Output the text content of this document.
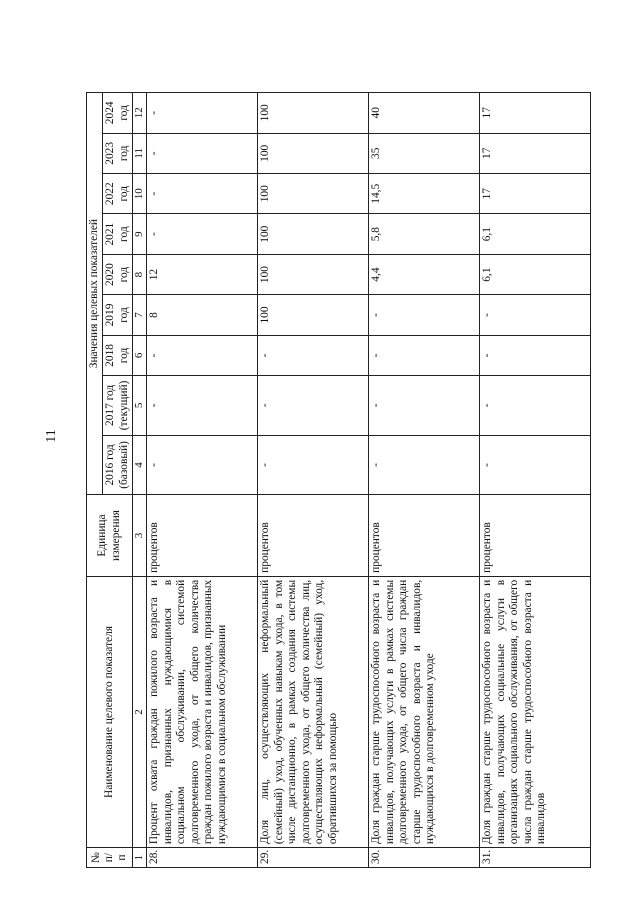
11
№ п/п	Наименование целевого показателя	Единица измерения	Значения целевых показателей								
			2016 год (базовый)	2017 год (текущий)	2018 год	2019 год	2020 год	2021 год	2022 год	2023 год	2024 год
1	2	3	4	5	6	7	8	9	10	11	12
28.	Процент охвата граждан пожилого возраста и инвалидов, признанных нуждающимися в социальном обслуживании, системой долговременного ухода, от общего количества граждан пожилого возраста и инвалидов, признанных нуждающимися в социальном обслуживании	процентов	-	-	-	8	12	-	-	-	-
29.	Доля лиц, осуществляющих неформальный (семейный) уход, обученных навыкам ухода, в том числе дистанционно, в рамках создания системы долговременного ухода, от общего количества лиц, осуществляющих неформальный (семейный) уход, обратившихся за помощью	процентов	-	-	-	100	100	100	100	100	100
30.	Доля граждан старше трудоспособного возраста и инвалидов, получающих услуги в рамках системы долговременного ухода, от общего числа граждан старше трудоспособного возраста и инвалидов, нуждающихся в долговременном уходе	процентов	-	-	-	-	4,4	5,8	14,5	35	40
31.	Доля граждан старше трудоспособного возраста и инвалидов, получающих социальные услуги в организациях социального обслуживания, от общего числа граждан старше трудоспособного возраста и инвалидов	процентов	-	-	-	-	6,1	6,1	17	17	17
